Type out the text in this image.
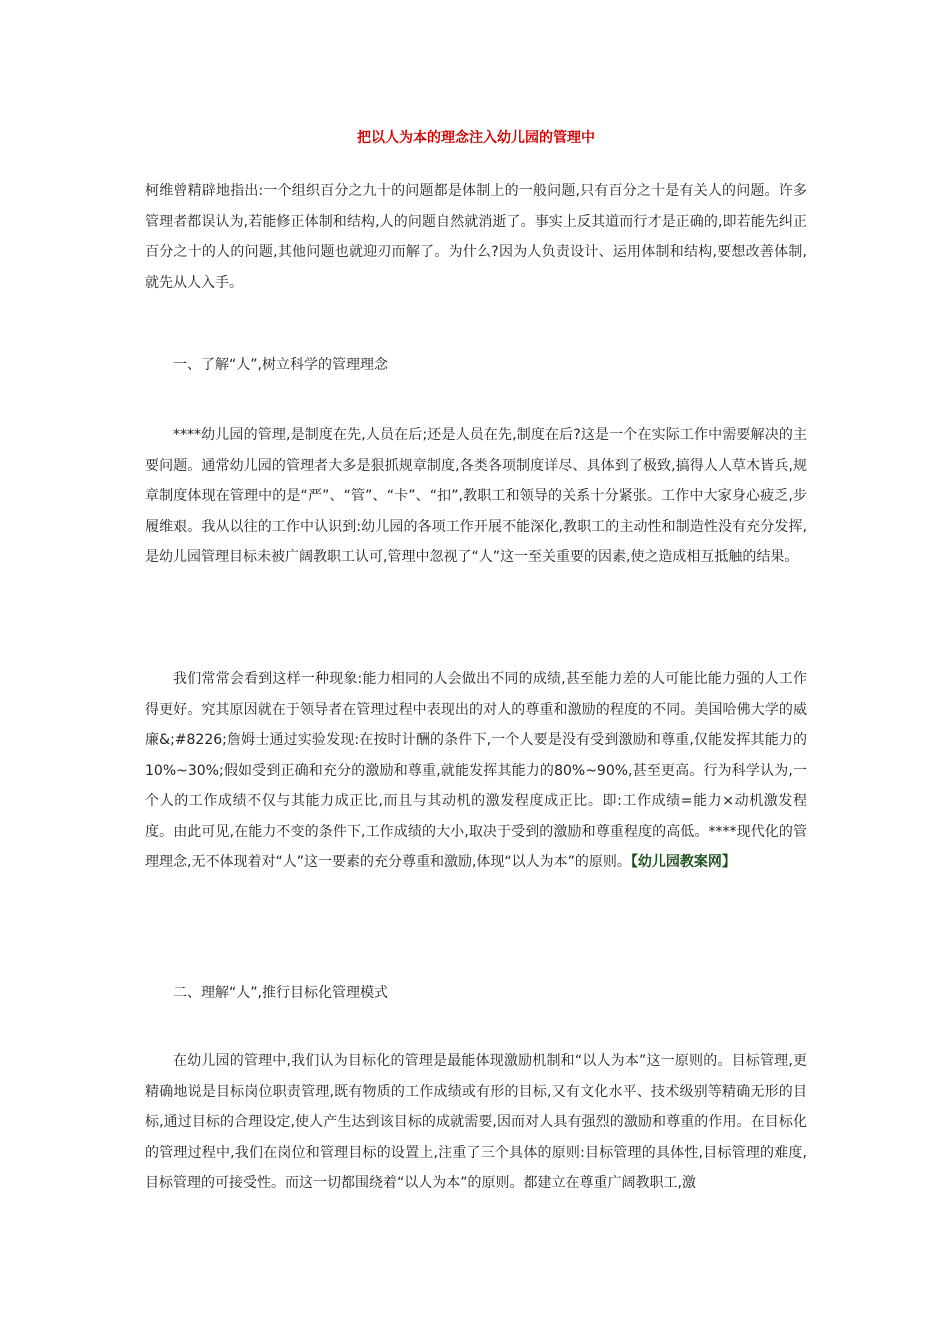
把以人为本的理念注入幼儿园的管理中

柯维曾精辟地指出:一个组织百分之九十的问题都是体制上的一般问题,只有百分之十是有关人的问题。许多管理者都误认为,若能修正体制和结构,人的问题自然就消逝了。事实上反其道而行才是正确的,即若能先纠正百分之十的人的问题,其他问题也就迎刃而解了。为什么?因为人负责设计、运用体制和结构,要想改善体制,就先从人入手。

一、了解“人”,树立科学的管理理念

****幼儿园的管理,是制度在先,人员在后;还是人员在先,制度在后?这是一个在实际工作中需要解决的主要问题。通常幼儿园的管理者大多是狠抓规章制度,各类各项制度详尽、具体到了极致,搞得人人草木皆兵,规章制度体现在管理中的是“严”、“管”、“卡”、“扣”,教职工和领导的关系十分紧张。工作中大家身心疲乏,步履维艰。我从以往的工作中认识到:幼儿园的各项工作开展不能深化,教职工的主动性和制造性没有充分发挥,是幼儿园管理目标未被广阔教职工认可,管理中忽视了“人”这一至关重要的因素,使之造成相互抵触的结果。

我们常常会看到这样一种现象:能力相同的人会做出不同的成绩,甚至能力差的人可能比能力强的人工作得更好。究其原因就在于领导者在管理过程中表现出的对人的尊重和激励的程度的不同。美国哈佛大学的威廉&;#8226;詹姆士通过实验发现:在按时计酬的条件下,一个人要是没有受到激励和尊重,仅能发挥其能力的10%~30%;假如受到正确和充分的激励和尊重,就能发挥其能力的80%~90%,甚至更高。行为科学认为,一个人的工作成绩不仅与其能力成正比,而且与其动机的激发程度成正比。即:工作成绩=能力×动机激发程度。由此可见,在能力不变的条件下,工作成绩的大小,取决于受到的激励和尊重程度的高低。****现代化的管理理念,无不体现着对“人”这一要素的充分尊重和激励,体现“以人为本”的原则。【幼儿园教案网】

二、理解“人”,推行目标化管理模式

在幼儿园的管理中,我们认为目标化的管理是最能体现激励机制和“以人为本”这一原则的。目标管理,更精确地说是目标岗位职责管理,既有物质的工作成绩或有形的目标,又有文化水平、技术级别等精确无形的目标,通过目标的合理设定,使人产生达到该目标的成就需要,因而对人具有强烈的激励和尊重的作用。在目标化的管理过程中,我们在岗位和管理目标的设置上,注重了三个具体的原则:目标管理的具体性,目标管理的难度,目标管理的可接受性。而这一切都围绕着“以人为本”的原则。都建立在尊重广阔教职工,激
